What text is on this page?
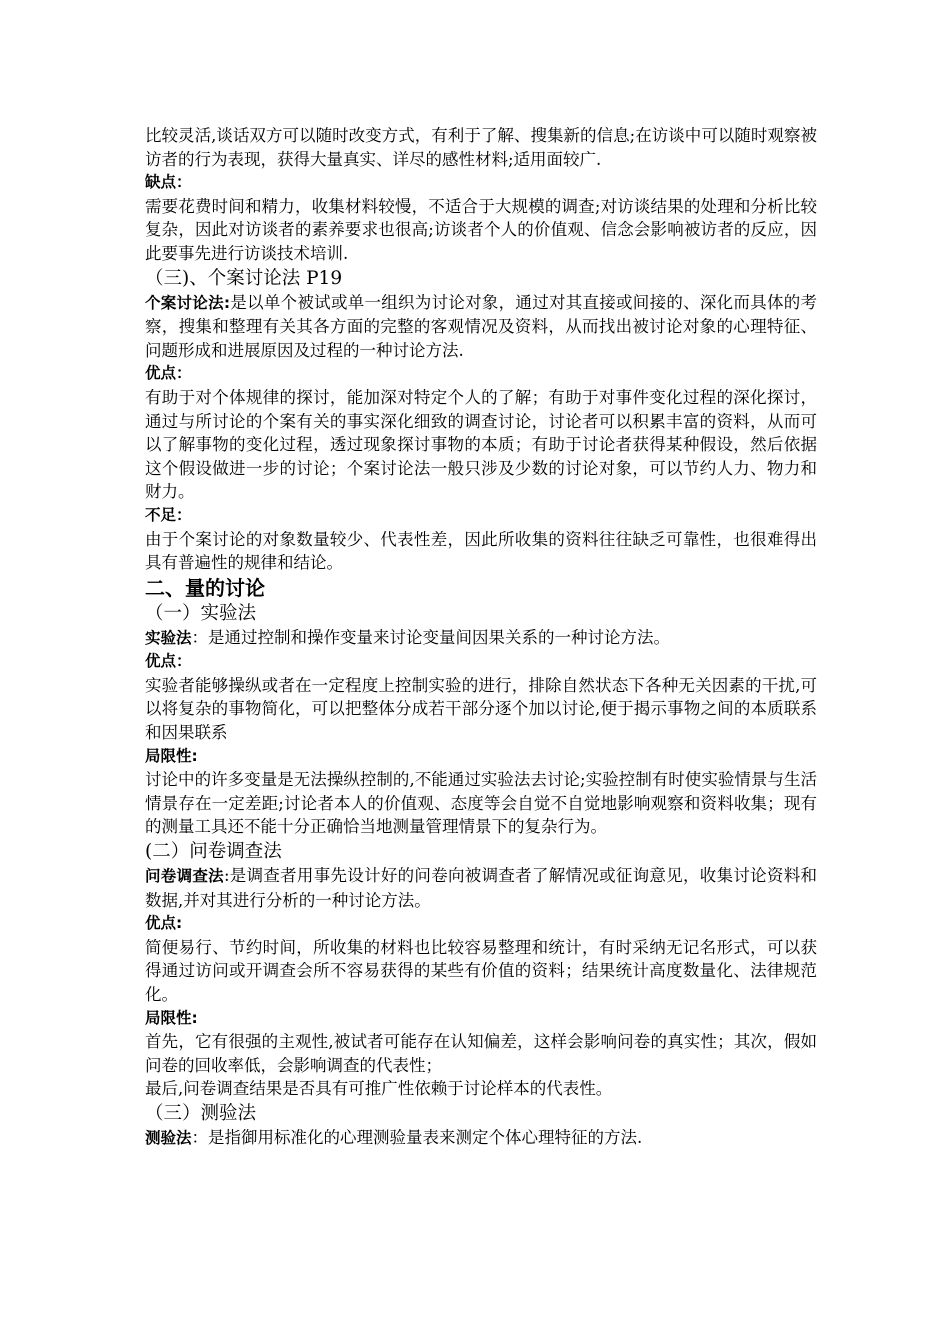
比较灵活,谈话双方可以随时改变方式，有利于了解、搜集新的信息;在访谈中可以随时观察被访者的行为表现，获得大量真实、详尽的感性材料;适用面较广.

缺点：

需要花费时间和精力，收集材料较慢，不适合于大规模的调查;对访谈结果的处理和分析比较复杂，因此对访谈者的素养要求也很高;访谈者个人的价值观、信念会影响被访者的反应，因此要事先进行访谈技术培训.

（三)、个案讨论法 P19

个案讨论法:是以单个被试或单一组织为讨论对象，通过对其直接或间接的、深化而具体的考察，搜集和整理有关其各方面的完整的客观情况及资料，从而找出被讨论对象的心理特征、问题形成和进展原因及过程的一种讨论方法.

优点：

有助于对个体规律的探讨，能加深对特定个人的了解；有助于对事件变化过程的深化探讨，通过与所讨论的个案有关的事实深化细致的调查讨论，讨论者可以积累丰富的资料，从而可以了解事物的变化过程，透过现象探讨事物的本质；有助于讨论者获得某种假设，然后依据这个假设做进一步的讨论；个案讨论法一般只涉及少数的讨论对象，可以节约人力、物力和财力。

不足：

由于个案讨论的对象数量较少、代表性差，因此所收集的资料往往缺乏可靠性，也很难得出具有普遍性的规律和结论。

二、量的讨论

（一）实验法

实验法：是通过控制和操作变量来讨论变量间因果关系的一种讨论方法。

优点：

实验者能够操纵或者在一定程度上控制实验的进行，排除自然状态下各种无关因素的干扰,可以将复杂的事物简化，可以把整体分成若干部分逐个加以讨论,便于揭示事物之间的本质联系和因果联系

局限性:

讨论中的许多变量是无法操纵控制的,不能通过实验法去讨论;实验控制有时使实验情景与生活情景存在一定差距;讨论者本人的价值观、态度等会自觉不自觉地影响观察和资料收集；现有的测量工具还不能十分正确恰当地测量管理情景下的复杂行为。

(二）问卷调查法

问卷调查法:是调查者用事先设计好的问卷向被调查者了解情况或征询意见，收集讨论资料和数据,并对其进行分析的一种讨论方法。

优点:

简便易行、节约时间，所收集的材料也比较容易整理和统计，有时采纳无记名形式，可以获得通过访问或开调查会所不容易获得的某些有价值的资料；结果统计高度数量化、法律规范化。

局限性:

首先，它有很强的主观性,被试者可能存在认知偏差，这样会影响问卷的真实性；其次，假如问卷的回收率低，会影响调查的代表性；

最后,问卷调查结果是否具有可推广性依赖于讨论样本的代表性。

（三）测验法

测验法：是指御用标准化的心理测验量表来测定个体心理特征的方法.
